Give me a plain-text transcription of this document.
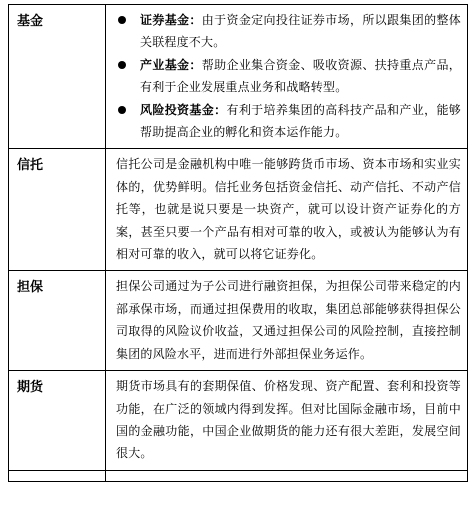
基金	证券基金：由于资金定向投往证券市场，所以跟集团的整体关联程度不大。
产业基金：帮助企业集合资金、吸收资源、扶持重点产品，有利于企业发展重点业务和战略转型。
风险投资基金：有利于培养集团的高科技产品和产业，能够帮助提高企业的孵化和资本运作能力。

信托	信托公司是金融机构中唯一能够跨货币市场、资本市场和实业实体的，优势鲜明。信托业务包括资金信托、动产信托、不动产信托等，也就是说只要是一块资产，就可以设计资产证券化的方案，甚至只要一个产品有相对可靠的收入，或被认为能够认为有相对可靠的收入，就可以将它证券化。
担保	担保公司通过为子公司进行融资担保，为担保公司带来稳定的内部承保市场，而通过担保费用的收取，集团总部能够获得担保公司取得的风险议价收益，又通过担保公司的风险控制，直接控制集团的风险水平，进而进行外部担保业务运作。
期货	期货市场具有的套期保值、价格发现、资产配置、套利和投资等功能，在广泛的领域内得到发挥。但对比国际金融市场，目前中国的金融功能，中国企业做期货的能力还有很大差距，发展空间很大。
